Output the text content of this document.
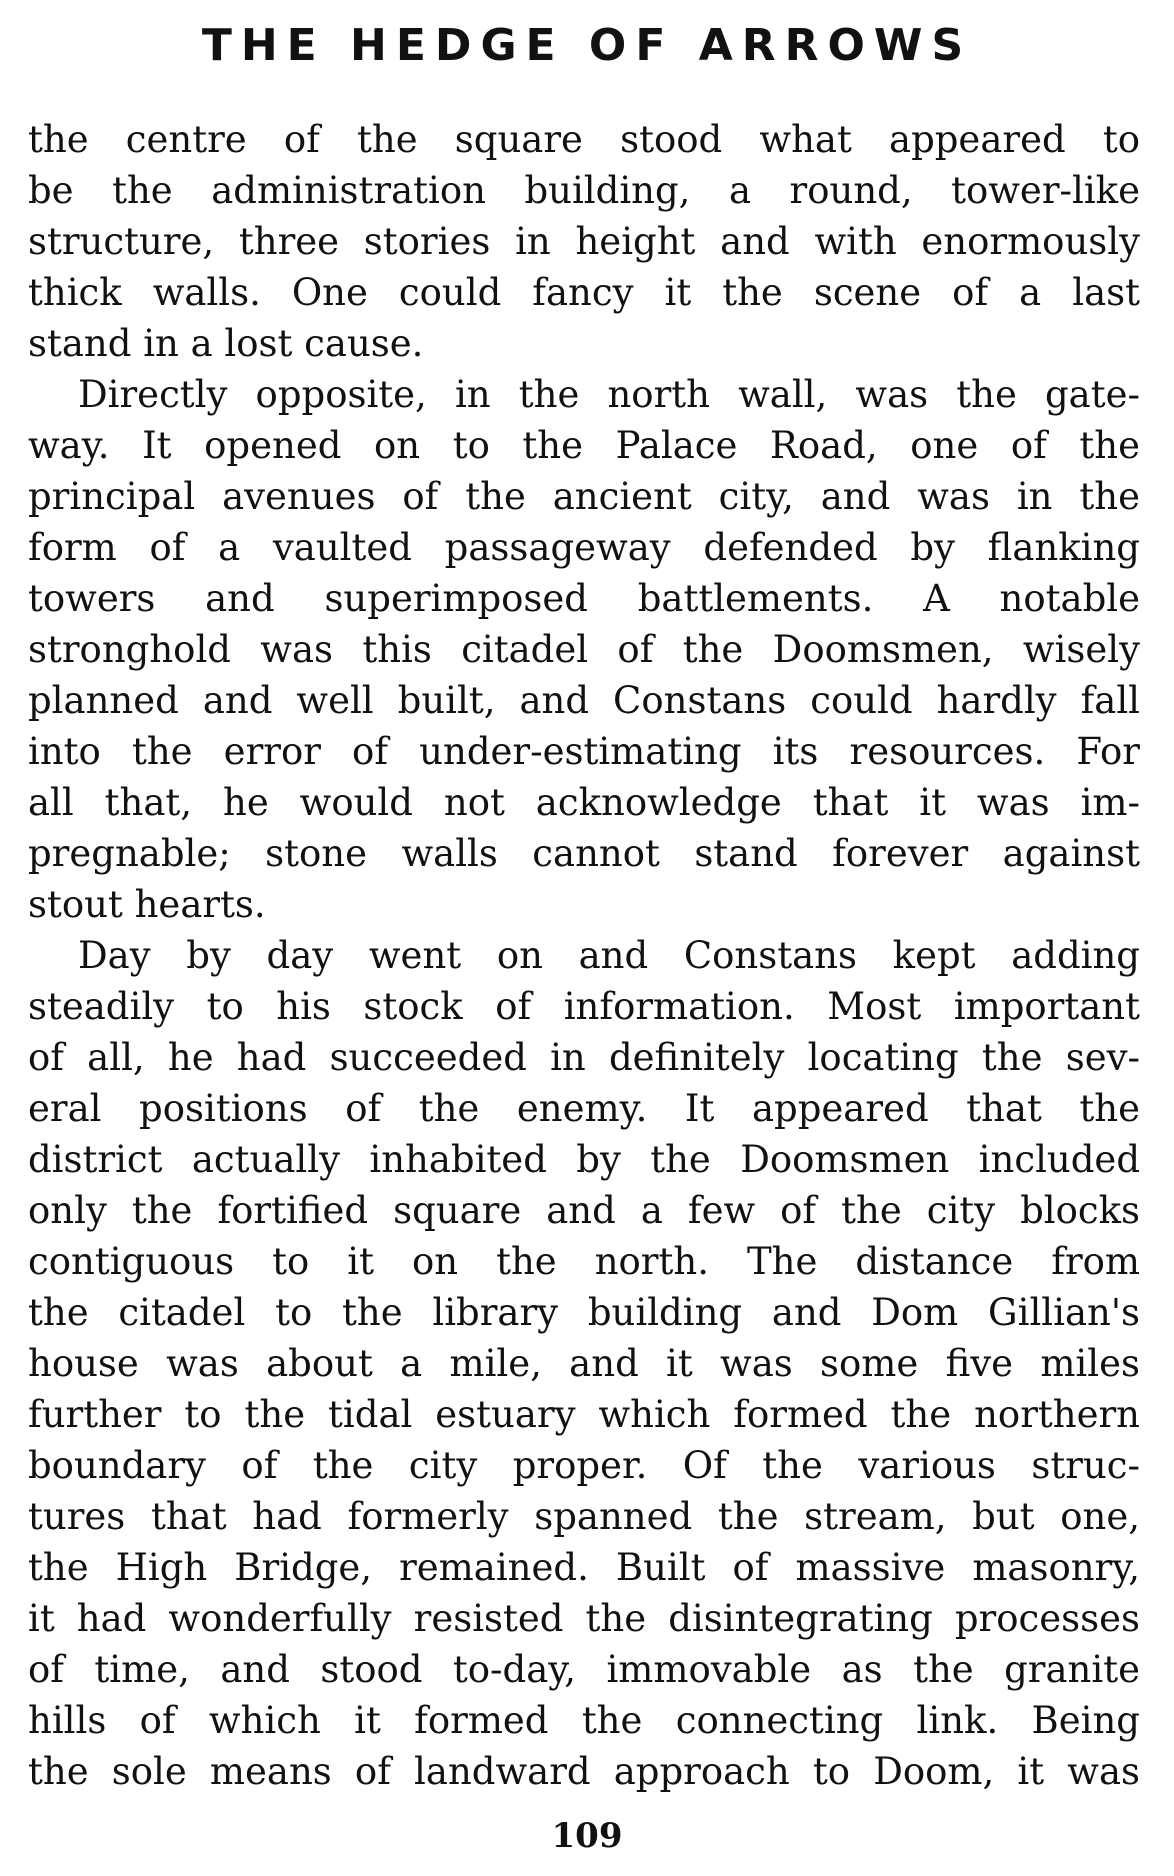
THE HEDGE OF ARROWS
the centre of the square stood what appeared to
be the administration building, a round, tower-like
structure, three stories in height and with enormously
thick walls. One could fancy it the scene of a last
stand in a lost cause.
Directly opposite, in the north wall, was the gate-
way. It opened on to the Palace Road, one of the
principal avenues of the ancient city, and was in the
form of a vaulted passageway defended by flanking
towers and superimposed battlements. A notable
stronghold was this citadel of the Doomsmen, wisely
planned and well built, and Constans could hardly fall
into the error of under-estimating its resources. For
all that, he would not acknowledge that it was im-
pregnable; stone walls cannot stand forever against
stout hearts.
Day by day went on and Constans kept adding
steadily to his stock of information. Most important
of all, he had succeeded in definitely locating the sev-
eral positions of the enemy. It appeared that the
district actually inhabited by the Doomsmen included
only the fortified square and a few of the city blocks
contiguous to it on the north. The distance from
the citadel to the library building and Dom Gillian's
house was about a mile, and it was some five miles
further to the tidal estuary which formed the northern
boundary of the city proper. Of the various struc-
tures that had formerly spanned the stream, but one,
the High Bridge, remained. Built of massive masonry,
it had wonderfully resisted the disintegrating processes
of time, and stood to-day, immovable as the granite
hills of which it formed the connecting link. Being
the sole means of landward approach to Doom, it was
109
